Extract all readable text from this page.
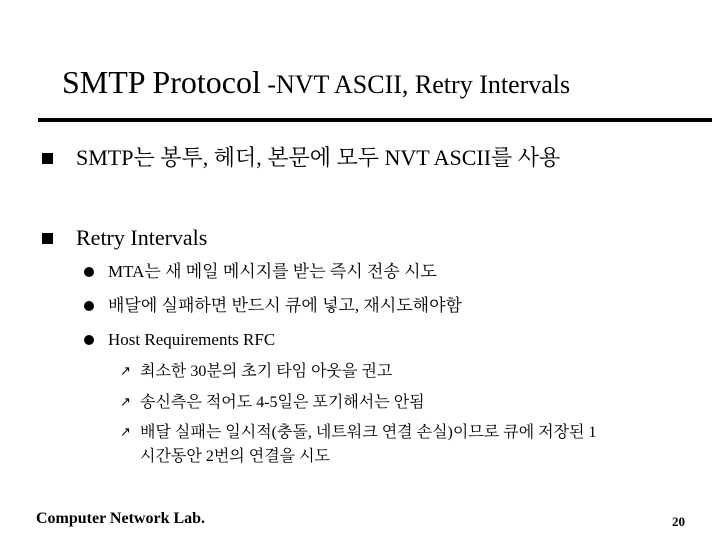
SMTP Protocol -NVT ASCII, Retry Intervals
SMTP는 봉투, 헤더, 본문에 모두 NVT ASCII를 사용
Retry Intervals
MTA는 새 메일 메시지를 받는 즉시 전송 시도
배달에 실패하면 반드시 큐에 넣고, 재시도해야함
Host Requirements RFC
↗ 최소한 30분의 초기 타임 아웃을 권고
↗ 송신측은 적어도 4-5일은 포기해서는 안됨
↗ 배달 실패는 일시적(충돌, 네트워크 연결 손실)이므로 큐에 저장된 1
시간동안 2번의 연결을 시도
Computer Network Lab.	20
